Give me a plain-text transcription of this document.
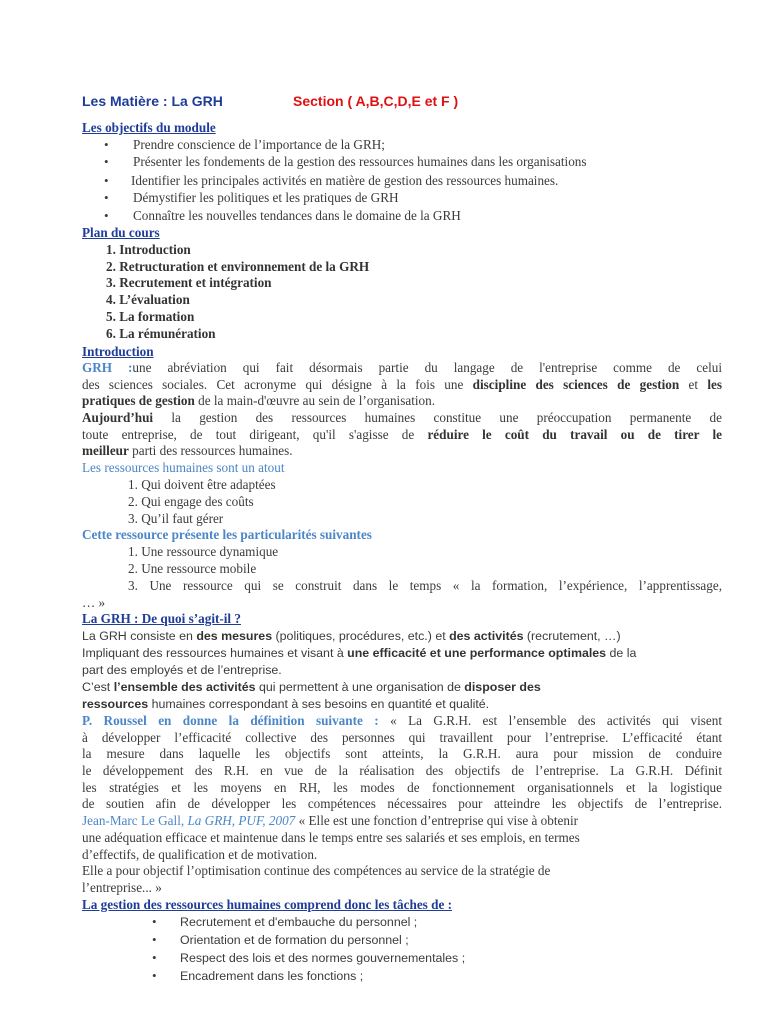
Les Matière : La GRH	Section ( A,B,C,D,E et F )
Les objectifs du module
• Prendre conscience de l’importance de la GRH;
• Présenter les fondements de la gestion des ressources humaines dans les organisations
• Identifier les principales activités en matière de gestion des ressources humaines.
• Démystifier les politiques et les pratiques de GRH
• Connaître les nouvelles tendances dans le domaine de la GRH
Plan du cours
1. Introduction
2. Retructuration et environnement de la GRH
3. Recrutement et intégration
4. L’évaluation
5. La formation
6. La rémunération
Introduction
GRH :une abréviation qui fait désormais partie du langage de l'entreprise comme de celui
des sciences sociales. Cet acronyme qui désigne à la fois une discipline des sciences de gestion et les
pratiques de gestion de la main-d'œuvre au sein de l’organisation.
Aujourd’hui la gestion des ressources humaines constitue une préoccupation permanente de
toute entreprise, de tout dirigeant, qu'il s'agisse de réduire le coût du travail ou de tirer le
meilleur parti des ressources humaines.
Les ressources humaines sont un atout
1. Qui doivent être adaptées
2. Qui engage des coûts
3. Qu’il faut gérer
Cette ressource présente les particularités suivantes
1. Une ressource dynamique
2. Une ressource mobile
3. Une ressource qui se construit dans le temps « la formation, l’expérience, l’apprentissage,
… »
La GRH : De quoi s’agit-il ?
La GRH consiste en des mesures (politiques, procédures, etc.) et des activités (recrutement, …)
Impliquant des ressources humaines et visant à une efficacité et une performance optimales de la
part des employés et de l’entreprise.
C’est l’ensemble des activités qui permettent à une organisation de disposer des
ressources humaines correspondant à ses besoins en quantité et qualité.
P. Roussel en donne la définition suivante : « La G.R.H. est l’ensemble des activités qui visent
à développer l’efficacité collective des personnes qui travaillent pour l’entreprise. L’efficacité étant
la mesure dans laquelle les objectifs sont atteints, la G.R.H. aura pour mission de conduire
le développement des R.H. en vue de la réalisation des objectifs de l’entreprise. La G.R.H. Définit
les stratégies et les moyens en RH, les modes de fonctionnement organisationnels et la logistique
de soutien afin de développer les compétences nécessaires pour atteindre les objectifs de l’entreprise.
Jean-Marc Le Gall, La GRH, PUF, 2007 « Elle est une fonction d’entreprise qui vise à obtenir
une adéquation efficace et maintenue dans le temps entre ses salariés et ses emplois, en termes
d’effectifs, de qualification et de motivation.
Elle a pour objectif l’optimisation continue des compétences au service de la stratégie de
l’entreprise... »
La gestion des ressources humaines comprend donc les tâches de :
• Recrutement et d'embauche du personnel ;
• Orientation et de formation du personnel ;
• Respect des lois et des normes gouvernementales ;
• Encadrement dans les fonctions ;
